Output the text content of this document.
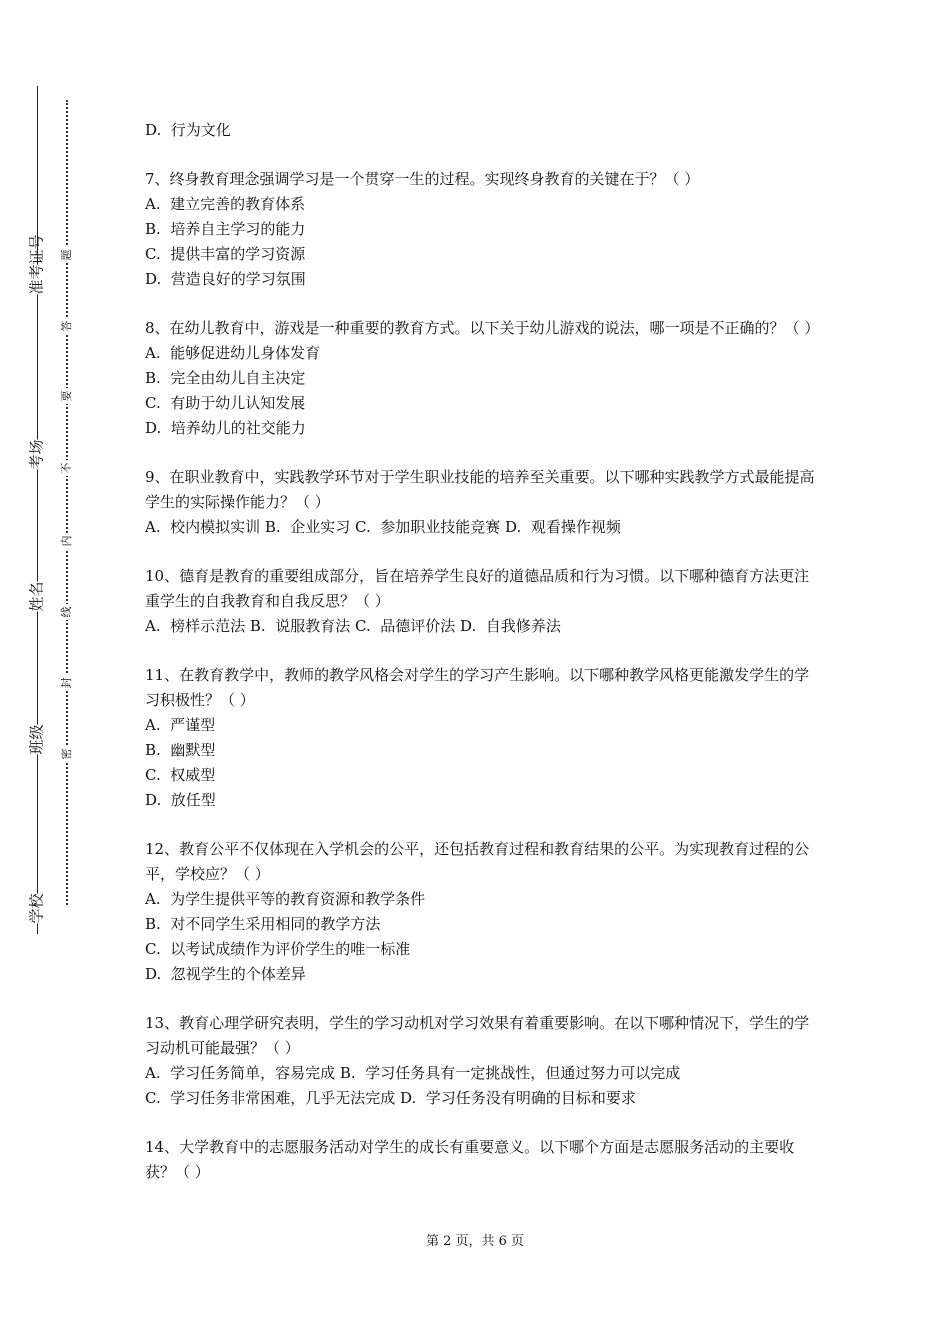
准考证号
考场
姓名
班级
学校
题
答
要
不
内
线
封
密

D.  行为文化

7、终身教育理念强调学习是一个贯穿一生的过程。实现终身教育的关键在于？（ ）

A.  建立完善的教育体系

B.  培养自主学习的能力

C.  提供丰富的学习资源

D.  营造良好的学习氛围

8、在幼儿教育中，游戏是一种重要的教育方式。以下关于幼儿游戏的说法，哪一项是不正确的？（ ）

A.  能够促进幼儿身体发育

B.  完全由幼儿自主决定

C.  有助于幼儿认知发展

D.  培养幼儿的社交能力

9、在职业教育中，实践教学环节对于学生职业技能的培养至关重要。以下哪种实践教学方式最能提高学生的实际操作能力？（ ）

A.  校内模拟实训 B.  企业实习 C.  参加职业技能竞赛 D.  观看操作视频

10、德育是教育的重要组成部分，旨在培养学生良好的道德品质和行为习惯。以下哪种德育方法更注重学生的自我教育和自我反思？（ ）

A.  榜样示范法 B.  说服教育法 C.  品德评价法 D.  自我修养法

11、在教育教学中，教师的教学风格会对学生的学习产生影响。以下哪种教学风格更能激发学生的学习积极性？（ ）

A.  严谨型

B.  幽默型

C.  权威型

D.  放任型

12、教育公平不仅体现在入学机会的公平，还包括教育过程和教育结果的公平。为实现教育过程的公平，学校应？（ ）

A.  为学生提供平等的教育资源和教学条件

B.  对不同学生采用相同的教学方法

C.  以考试成绩作为评价学生的唯一标准

D.  忽视学生的个体差异

13、教育心理学研究表明，学生的学习动机对学习效果有着重要影响。在以下哪种情况下，学生的学习动机可能最强？（ ）

A.  学习任务简单，容易完成 B.  学习任务具有一定挑战性，但通过努力可以完成

C.  学习任务非常困难，几乎无法完成 D.  学习任务没有明确的目标和要求

14、大学教育中的志愿服务活动对学生的成长有重要意义。以下哪个方面是志愿服务活动的主要收获？（ ）

第 2 页，共 6 页
